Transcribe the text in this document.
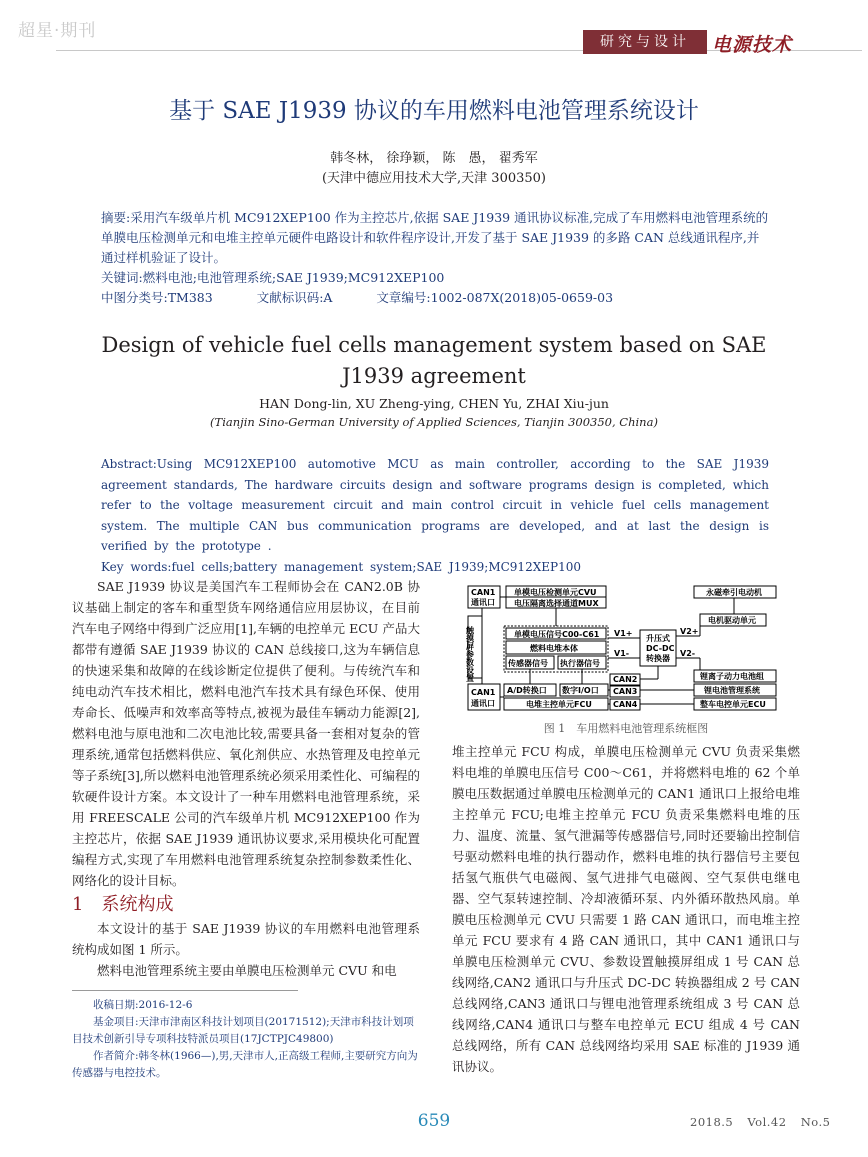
超星·期刊
研究与设计	电源技术
基于 SAE J1939 协议的车用燃料电池管理系统设计
韩冬林， 徐琤颖， 陈　愚， 翟秀军
(天津中德应用技术大学,天津 300350)

摘要:采用汽车级单片机 MC912XEP100 作为主控芯片,依据 SAE J1939 通讯协议标准,完成了车用燃料电池管理系统的单膜电压检测单元和电堆主控单元硬件电路设计和软件程序设计,开发了基于 SAE J1939 的多路 CAN 总线通讯程序,并通过样机验证了设计。

关键词:燃料电池;电池管理系统;SAE J1939;MC912XEP100

中图分类号:TM383	文献标识码:A	文章编号:1002-087X(2018)05-0659-03

Design of vehicle fuel cells management system based on SAE J1939 agreement
HAN Dong-lin, XU Zheng-ying, CHEN Yu, ZHAI Xiu-jun
(Tianjin Sino-German University of Applied Sciences, Tianjin 300350, China)

Abstract:Using MC912XEP100 automotive MCU as main controller, according to the SAE J1939 agreement standards, The hardware circuits design and software programs design is completed, which refer to the voltage measurement circuit and main control circuit in vehicle fuel cells management system. The multiple CAN bus communication programs are developed, and at last the design is verified by the prototype .

Key words:fuel cells;battery management system;SAE J1939;MC912XEP100

SAE J1939 协议是美国汽车工程师协会在 CAN2.0B 协议基础上制定的客车和重型货车网络通信应用层协议，在目前汽车电子网络中得到广泛应用[1],车辆的电控单元 ECU 产品大都带有遵循 SAE J1939 协议的 CAN 总线接口,这为车辆信息的快速采集和故障的在线诊断定位提供了便利。与传统汽车和纯电动汽车技术相比，燃料电池汽车技术具有绿色环保、使用寿命长、低噪声和效率高等特点,被视为最佳车辆动力能源[2],燃料电池与原电池和二次电池比较,需要具备一套相对复杂的管理系统,通常包括燃料供应、氧化剂供应、水热管理及电控单元等子系统[3],所以燃料电池管理系统必须采用柔性化、可编程的软硬件设计方案。本文设计了一种车用燃料电池管理系统，采用 FREESCALE 公司的汽车级单片机 MC912XEP100 作为主控芯片，依据 SAE J1939 通讯协议要求,采用模块化可配置编程方式,实现了车用燃料电池管理系统复杂控制参数柔性化、网络化的设计目标。

1　系统构成

本文设计的基于 SAE J1939 协议的车用燃料电池管理系统构成如图 1 所示。

燃料电池管理系统主要由单膜电压检测单元 CVU 和电

收稿日期:2016-12-6

基金项目:天津市津南区科技计划项目(20171512);天津市科技计划项目技术创新引导专项科技特派员项目(17JCTPJC49800)

作者简介:韩冬林(1966—),男,天津市人,正高级工程师,主要研究方向为传感器与电控技术。

CAN1
通讯口
单模电压检测单元CVU
电压隔离选择通道MUX
触摸屏参数设置	单模电压信号C00-C61
燃料电堆本体
传感器信号 执行器信号
V1+
V1-
升压式
DC-DC
转换器
V2+
V2-
永磁牵引电动机
电机驱动单元
锂离子动力电池组
锂电池管理系统
整车电控单元ECU
CAN1
通讯口
A/D转换口 数字I/O口
电堆主控单元FCU
CAN2
CAN3
CAN4
图 1　车用燃料电池管理系统框图

堆主控单元 FCU 构成，单膜电压检测单元 CVU 负责采集燃料电堆的单膜电压信号 C00～C61，并将燃料电堆的 62 个单膜电压数据通过单膜电压检测单元的 CAN1 通讯口上报给电堆主控单元 FCU;电堆主控单元 FCU 负责采集燃料电堆的压力、温度、流量、氢气泄漏等传感器信号,同时还要输出控制信号驱动燃料电堆的执行器动作，燃料电堆的执行器信号主要包括氢气瓶供气电磁阀、氢气进排气电磁阀、空气泵供电继电器、空气泵转速控制、冷却液循环泵、内外循环散热风扇。单膜电压检测单元 CVU 只需要 1 路 CAN 通讯口，而电堆主控单元 FCU 要求有 4 路 CAN 通讯口，其中 CAN1 通讯口与单膜电压检测单元 CVU、参数设置触摸屏组成 1 号 CAN 总线网络,CAN2 通讯口与升压式 DC-DC 转换器组成 2 号 CAN 总线网络,CAN3 通讯口与锂电池管理系统组成 3 号 CAN 总线网络,CAN4 通讯口与整车电控单元 ECU 组成 4 号 CAN 总线网络，所有 CAN 总线网络均采用 SAE 标准的 J1939 通讯协议。

659	2018.5 Vol.42 No.5
